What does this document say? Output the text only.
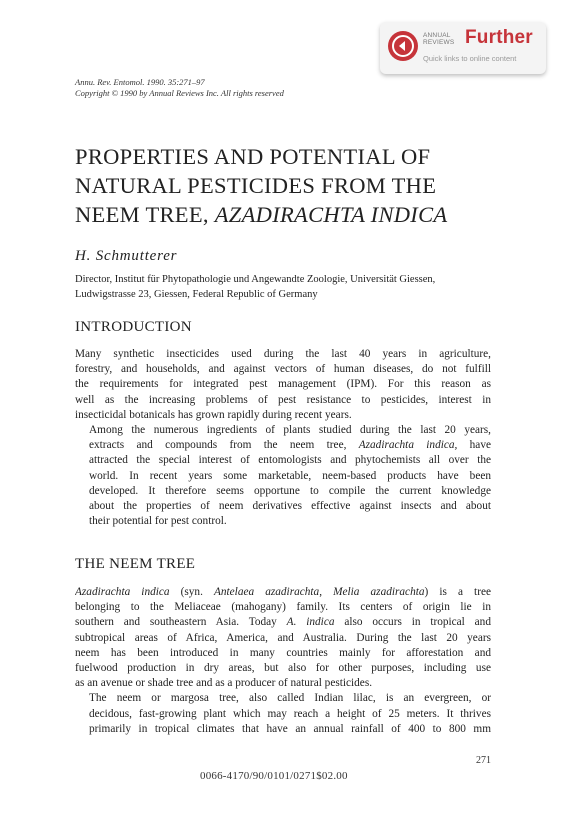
ANNUAL
REVIEWS Further
Quick links to online content
Annu. Rev. Entomol. 1990. 35:271–97
Copyright © 1990 by Annual Reviews Inc. All rights reserved
PROPERTIES AND POTENTIAL OF
NATURAL PESTICIDES FROM THE
NEEM TREE, AZADIRACHTA INDICA
H. Schmutterer
Director, Institut für Phytopathologie und Angewandte Zoologie, Universität Giessen,
Ludwigstrasse 23, Giessen, Federal Republic of Germany
INTRODUCTION

Many synthetic insecticides used during the last 40 years in agriculture,
forestry, and households, and against vectors of human diseases, do not fulfill
the requirements for integrated pest management (IPM). For this reason as
well as the increasing problems of pest resistance to pesticides, interest in
insecticidal botanicals has grown rapidly during recent years.

Among the numerous ingredients of plants studied during the last 20 years,
extracts and compounds from the neem tree, Azadirachta indica, have
attracted the special interest of entomologists and phytochemists all over the
world. In recent years some marketable, neem-based products have been
developed. It therefore seems opportune to compile the current knowledge
about the properties of neem derivatives effective against insects and about
their potential for pest control.

THE NEEM TREE

Azadirachta indica (syn. Antelaea azadirachta, Melia azadirachta) is a tree
belonging to the Meliaceae (mahogany) family. Its centers of origin lie in
southern and southeastern Asia. Today A. indica also occurs in tropical and
subtropical areas of Africa, America, and Australia. During the last 20 years
neem has been introduced in many countries mainly for afforestation and
fuelwood production in dry areas, but also for other purposes, including use
as an avenue or shade tree and as a producer of natural pesticides.

The neem or margosa tree, also called Indian lilac, is an evergreen, or
decidous, fast-growing plant which may reach a height of 25 meters. It thrives
primarily in tropical climates that have an annual rainfall of 400 to 800 mm

271
0066-4170/90/0101/0271$02.00
